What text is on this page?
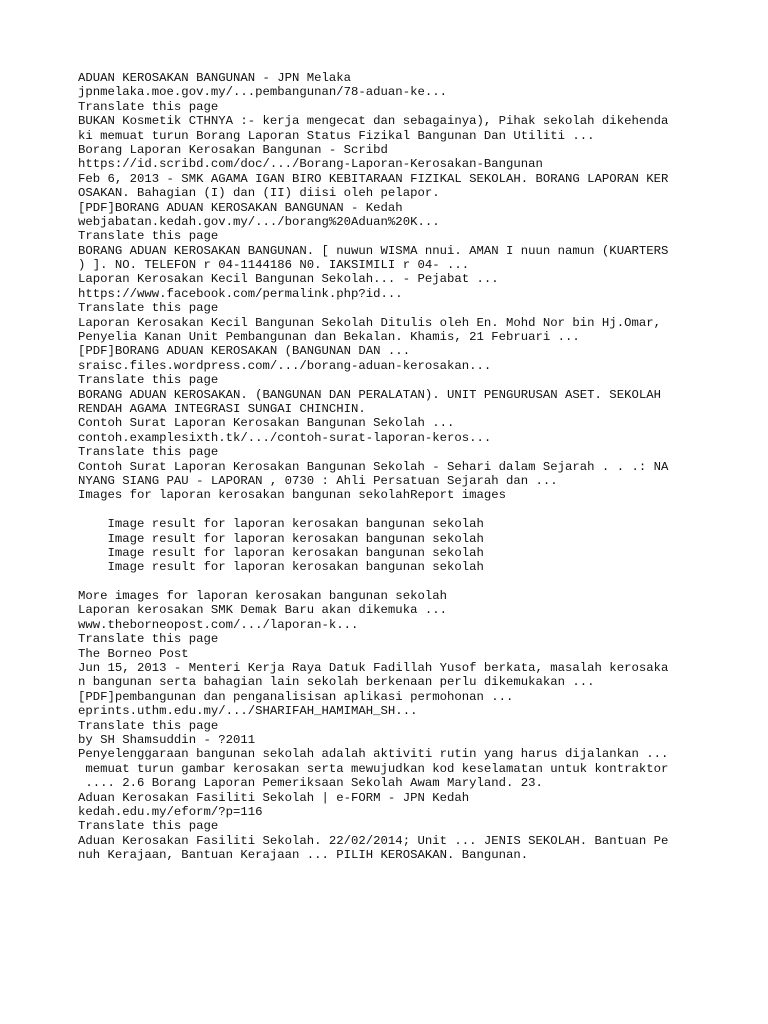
ADUAN KEROSAKAN BANGUNAN - JPN Melaka
jpnmelaka.moe.gov.my/...pembangunan/78-aduan-ke...
Translate this page
BUKAN Kosmetik CTHNYA :- kerja mengecat dan sebagainya), Pihak sekolah dikehenda
ki memuat turun Borang Laporan Status Fizikal Bangunan Dan Utiliti ...
Borang Laporan Kerosakan Bangunan - Scribd
https://id.scribd.com/doc/.../Borang-Laporan-Kerosakan-Bangunan
Feb 6, 2013 - SMK AGAMA IGAN BIRO KEBITARAAN FIZIKAL SEKOLAH. BORANG LAPORAN KER
OSAKAN. Bahagian (I) dan (II) diisi oleh pelapor.
[PDF]BORANG ADUAN KEROSAKAN BANGUNAN - Kedah
webjabatan.kedah.gov.my/.../borang%20Aduan%20K...
Translate this page
BORANG ADUAN KEROSAKAN BANGUNAN. [ nuwun WISMA nnui. AMAN I nuun namun (KUARTERS
) ]. NO. TELEFON r 04-1144186 N0. IAKSIMILI r 04- ...
Laporan Kerosakan Kecil Bangunan Sekolah... - Pejabat ...
https://www.facebook.com/permalink.php?id...
Translate this page
Laporan Kerosakan Kecil Bangunan Sekolah Ditulis oleh En. Mohd Nor bin Hj.Omar,
Penyelia Kanan Unit Pembangunan dan Bekalan. Khamis, 21 Februari ...
[PDF]BORANG ADUAN KEROSAKAN (BANGUNAN DAN ...
sraisc.files.wordpress.com/.../borang-aduan-kerosakan...
Translate this page
BORANG ADUAN KEROSAKAN. (BANGUNAN DAN PERALATAN). UNIT PENGURUSAN ASET. SEKOLAH
RENDAH AGAMA INTEGRASI SUNGAI CHINCHIN.
Contoh Surat Laporan Kerosakan Bangunan Sekolah ...
contoh.examplesixth.tk/.../contoh-surat-laporan-keros...
Translate this page
Contoh Surat Laporan Kerosakan Bangunan Sekolah - Sehari dalam Sejarah . . .: NA
NYANG SIANG PAU - LAPORAN , 0730 : Ahli Persatuan Sejarah dan ...
Images for laporan kerosakan bangunan sekolahReport images
Image result for laporan kerosakan bangunan sekolah
Image result for laporan kerosakan bangunan sekolah
Image result for laporan kerosakan bangunan sekolah
Image result for laporan kerosakan bangunan sekolah
More images for laporan kerosakan bangunan sekolah
Laporan kerosakan SMK Demak Baru akan dikemuka ...
www.theborneopost.com/.../laporan-k...
Translate this page
The Borneo Post
Jun 15, 2013 - Menteri Kerja Raya Datuk Fadillah Yusof berkata, masalah kerosaka
n bangunan serta bahagian lain sekolah berkenaan perlu dikemukakan ...
[PDF]pembangunan dan penganalisisan aplikasi permohonan ...
eprints.uthm.edu.my/.../SHARIFAH_HAMIMAH_SH...
Translate this page
by SH Shamsuddin - ?2011
Penyelenggaraan bangunan sekolah adalah aktiviti rutin yang harus dijalankan ...
memuat turun gambar kerosakan serta mewujudkan kod keselamatan untuk kontraktor
.... 2.6 Borang Laporan Pemeriksaan Sekolah Awam Maryland. 23.
Aduan Kerosakan Fasiliti Sekolah | e-FORM - JPN Kedah
kedah.edu.my/eform/?p=116
Translate this page
Aduan Kerosakan Fasiliti Sekolah. 22/02/2014; Unit ... JENIS SEKOLAH. Bantuan Pe
nuh Kerajaan, Bantuan Kerajaan ... PILIH KEROSAKAN. Bangunan.
